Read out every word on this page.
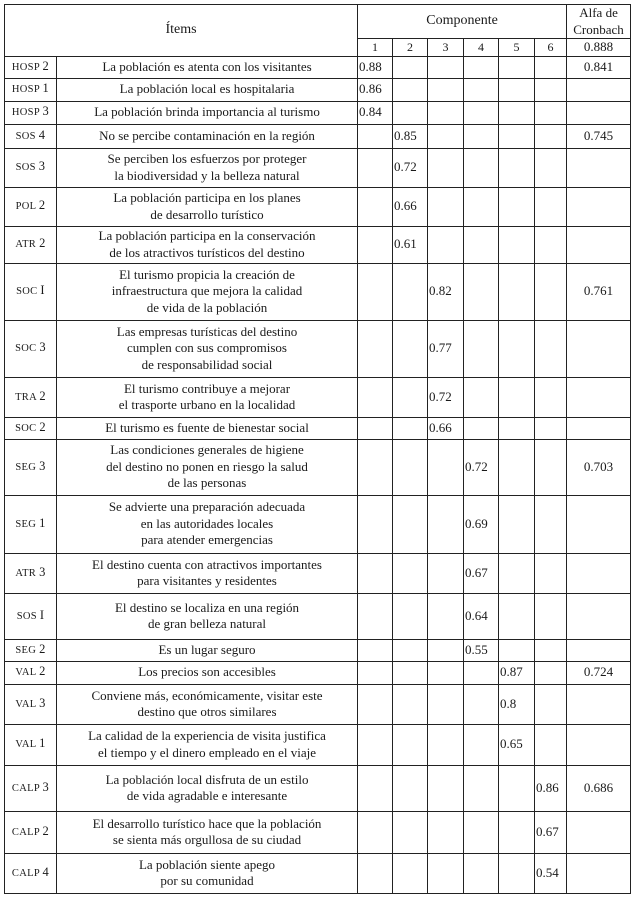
Ítems		Componente						Alfa de Cronbach
		1	2	3	4	5	6	0.888
HOSP 2	La población es atenta con los visitantes	0.88						0.841
HOSP 1	La población local es hospitalaria	0.86						
HOSP 3	La población brinda importancia al turismo	0.84						
SOS 4	No se percibe contaminación en la región		0.85					0.745
SOS 3	Se perciben los esfuerzos por proteger
la biodiversidad y la belleza natural		0.72					
POL 2	La población participa en los planes
de desarrollo turístico		0.66					
ATR 2	La población participa en la conservación
de los atractivos turísticos del destino		0.61					
SOC I	El turismo propicia la creación de
infraestructura que mejora la calidad
de vida de la población			0.82				0.761
SOC 3	Las empresas turísticas del destino
cumplen con sus compromisos
de responsabilidad social			0.77				
TRA 2	El turismo contribuye a mejorar
el trasporte urbano en la localidad			0.72				
SOC 2	El turismo es fuente de bienestar social			0.66				
SEG 3	Las condiciones generales de higiene
del destino no ponen en riesgo la salud
de las personas				0.72			0.703
SEG 1	Se advierte una preparación adecuada
en las autoridades locales
para atender emergencias				0.69			
ATR 3	El destino cuenta con atractivos importantes
para visitantes y residentes				0.67			
SOS I	El destino se localiza en una región
de gran belleza natural				0.64			
SEG 2	Es un lugar seguro				0.55			
VAL 2	Los precios son accesibles					0.87		0.724
VAL 3	Conviene más, económicamente, visitar este
destino que otros similares					0.8		
VAL 1	La calidad de la experiencia de visita justifica
el tiempo y el dinero empleado en el viaje					0.65		
CALP 3	La población local disfruta de un estilo
de vida agradable e interesante						0.86	0.686
CALP 2	El desarrollo turístico hace que la población
se sienta más orgullosa de su ciudad						0.67	
CALP 4	La población siente apego
por su comunidad						0.54	
